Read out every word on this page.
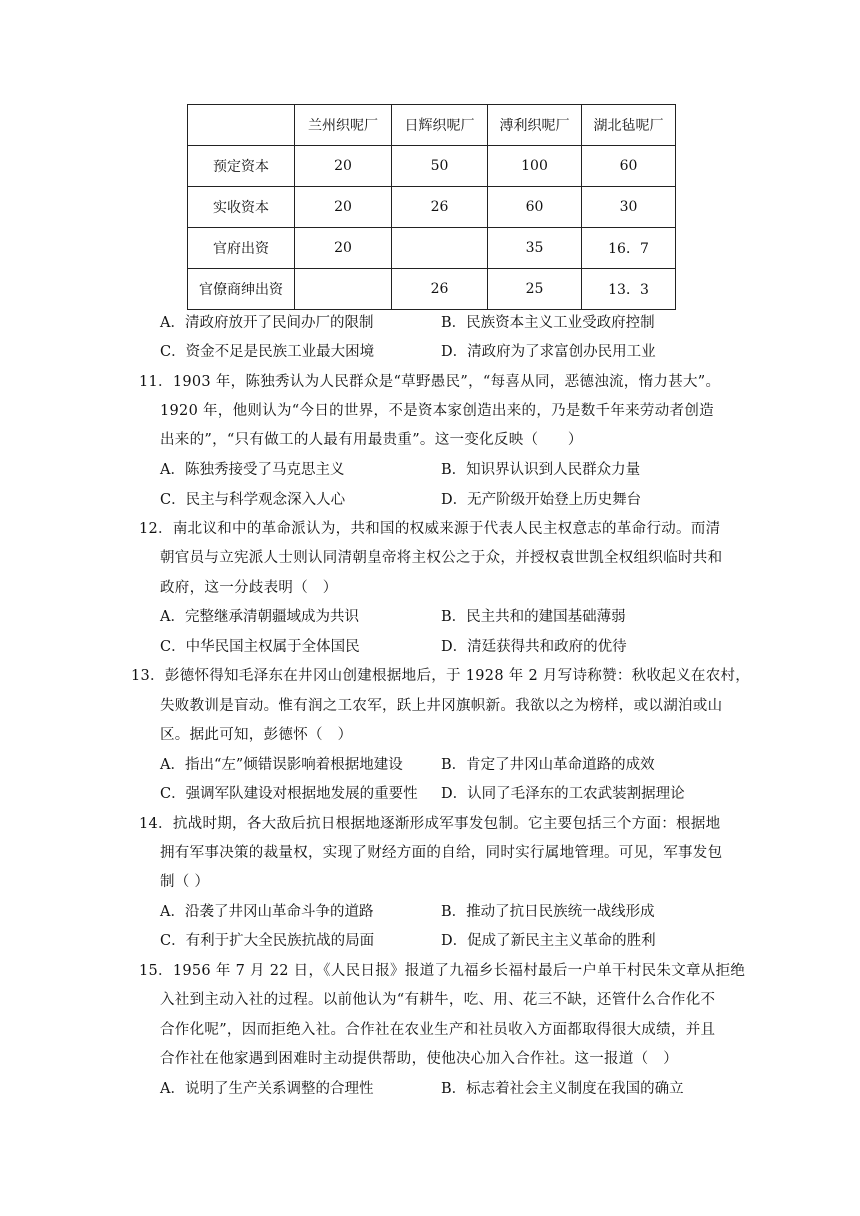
	兰州织呢厂	日辉织呢厂	溥利织呢厂	湖北毡呢厂
预定资本	20	50	100	60
实收资本	20	26	60	30
官府出资	20		35	16．7
官僚商绅出资		26	25	13．3
A．清政府放开了民间办厂的限制	B．民族资本主义工业受政府控制
C．资金不足是民族工业最大困境	D．清政府为了求富创办民用工业
11．1903 年，陈独秀认为人民群众是“草野愚民”，“每喜从同，恶德浊流，惰力甚大”。
1920 年，他则认为“今日的世界，不是资本家创造出来的，乃是数千年来劳动者创造
出来的”，“只有做工的人最有用最贵重”。这一变化反映（　　）
A．陈独秀接受了马克思主义	B．知识界认识到人民群众力量
C．民主与科学观念深入人心	D．无产阶级开始登上历史舞台
12．南北议和中的革命派认为，共和国的权威来源于代表人民主权意志的革命行动。而清
朝官员与立宪派人士则认同清朝皇帝将主权公之于众，并授权袁世凯全权组织临时共和
政府，这一分歧表明（　）
A．完整继承清朝疆域成为共识	B．民主共和的建国基础薄弱
C．中华民国主权属于全体国民	D．清廷获得共和政府的优待
13．彭德怀得知毛泽东在井冈山创建根据地后，于 1928 年 2 月写诗称赞：秋收起义在农村，
失败教训是盲动。惟有润之工农军，跃上井冈旗帜新。我欲以之为榜样，或以湖泊或山
区。据此可知，彭德怀（　）
A．指出“左”倾错误影响着根据地建设	B．肯定了井冈山革命道路的成效
C．强调军队建设对根据地发展的重要性 D．认同了毛泽东的工农武装割据理论
14．抗战时期，各大敌后抗日根据地逐渐形成军事发包制。它主要包括三个方面：根据地
拥有军事决策的裁量权，实现了财经方面的自给，同时实行属地管理。可见，军事发包
制（ ）
A．沿袭了井冈山革命斗争的道路	B．推动了抗日民族统一战线形成
C．有利于扩大全民族抗战的局面	D．促成了新民主主义革命的胜利
15．1956 年 7 月 22 日，《人民日报》报道了九福乡长福村最后一户单干村民朱文章从拒绝
入社到主动入社的过程。以前他认为“有耕牛，吃、用、花三不缺，还管什么合作化不
合作化呢”，因而拒绝入社。合作社在农业生产和社员收入方面都取得很大成绩，并且
合作社在他家遇到困难时主动提供帮助，使他决心加入合作社。这一报道（　）
A．说明了生产关系调整的合理性	B．标志着社会主义制度在我国的确立
